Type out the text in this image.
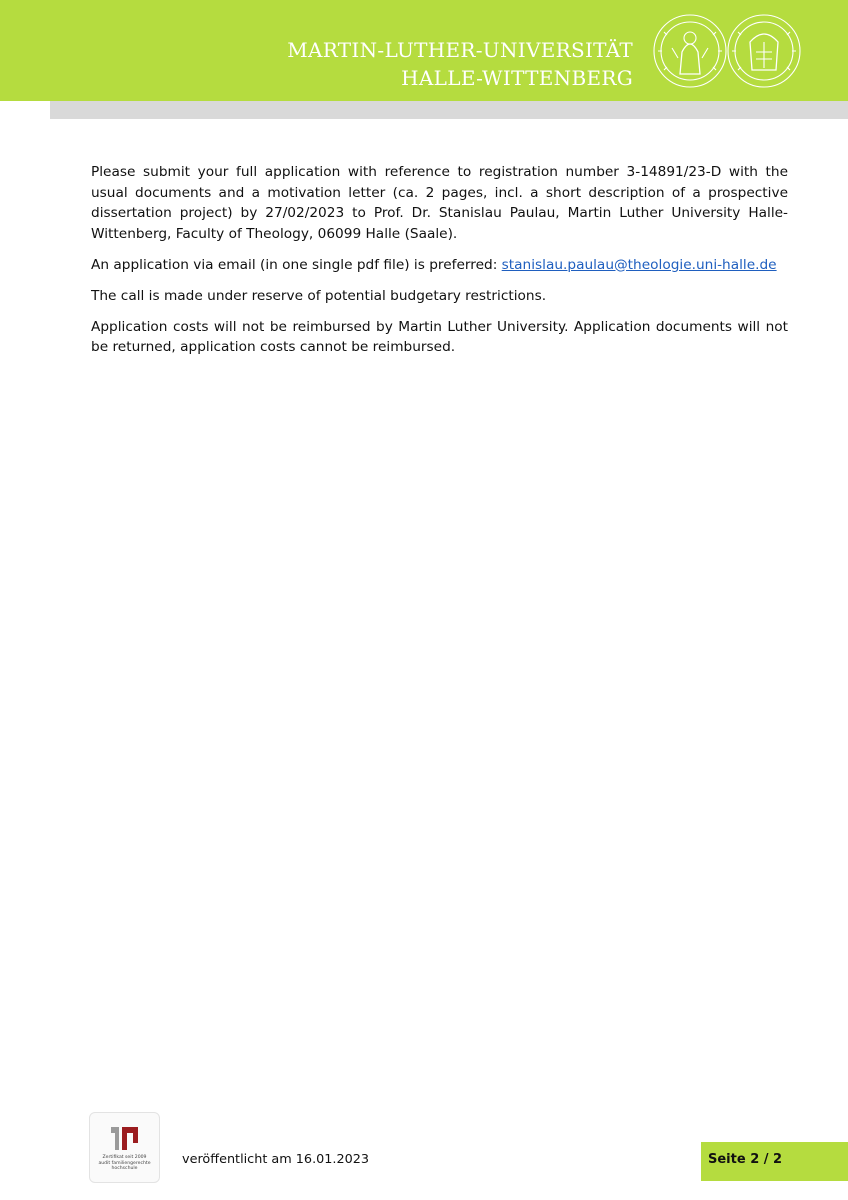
MARTIN-LUTHER-UNIVERSITÄT
HALLE-WITTENBERG

Please submit your full application with reference to registration number 3-14891/23-D with the usual documents and a motivation letter (ca. 2 pages, incl. a short description of a prospective dissertation project) by 27/02/2023 to Prof. Dr. Stanislau Paulau, Martin Luther University Halle-Wittenberg, Faculty of Theology, 06099 Halle (Saale).

An application via email (in one single pdf file) is preferred: stanislau.paulau@theologie.uni-halle.de

The call is made under reserve of potential budgetary restrictions.

Application costs will not be reimbursed by Martin Luther University. Application documents will not be returned, application costs cannot be reimbursed.

Zertifikat seit 2009
audit familiengerechte
hochschule
veröffentlicht am 16.01.2023	Seite 2 / 2
